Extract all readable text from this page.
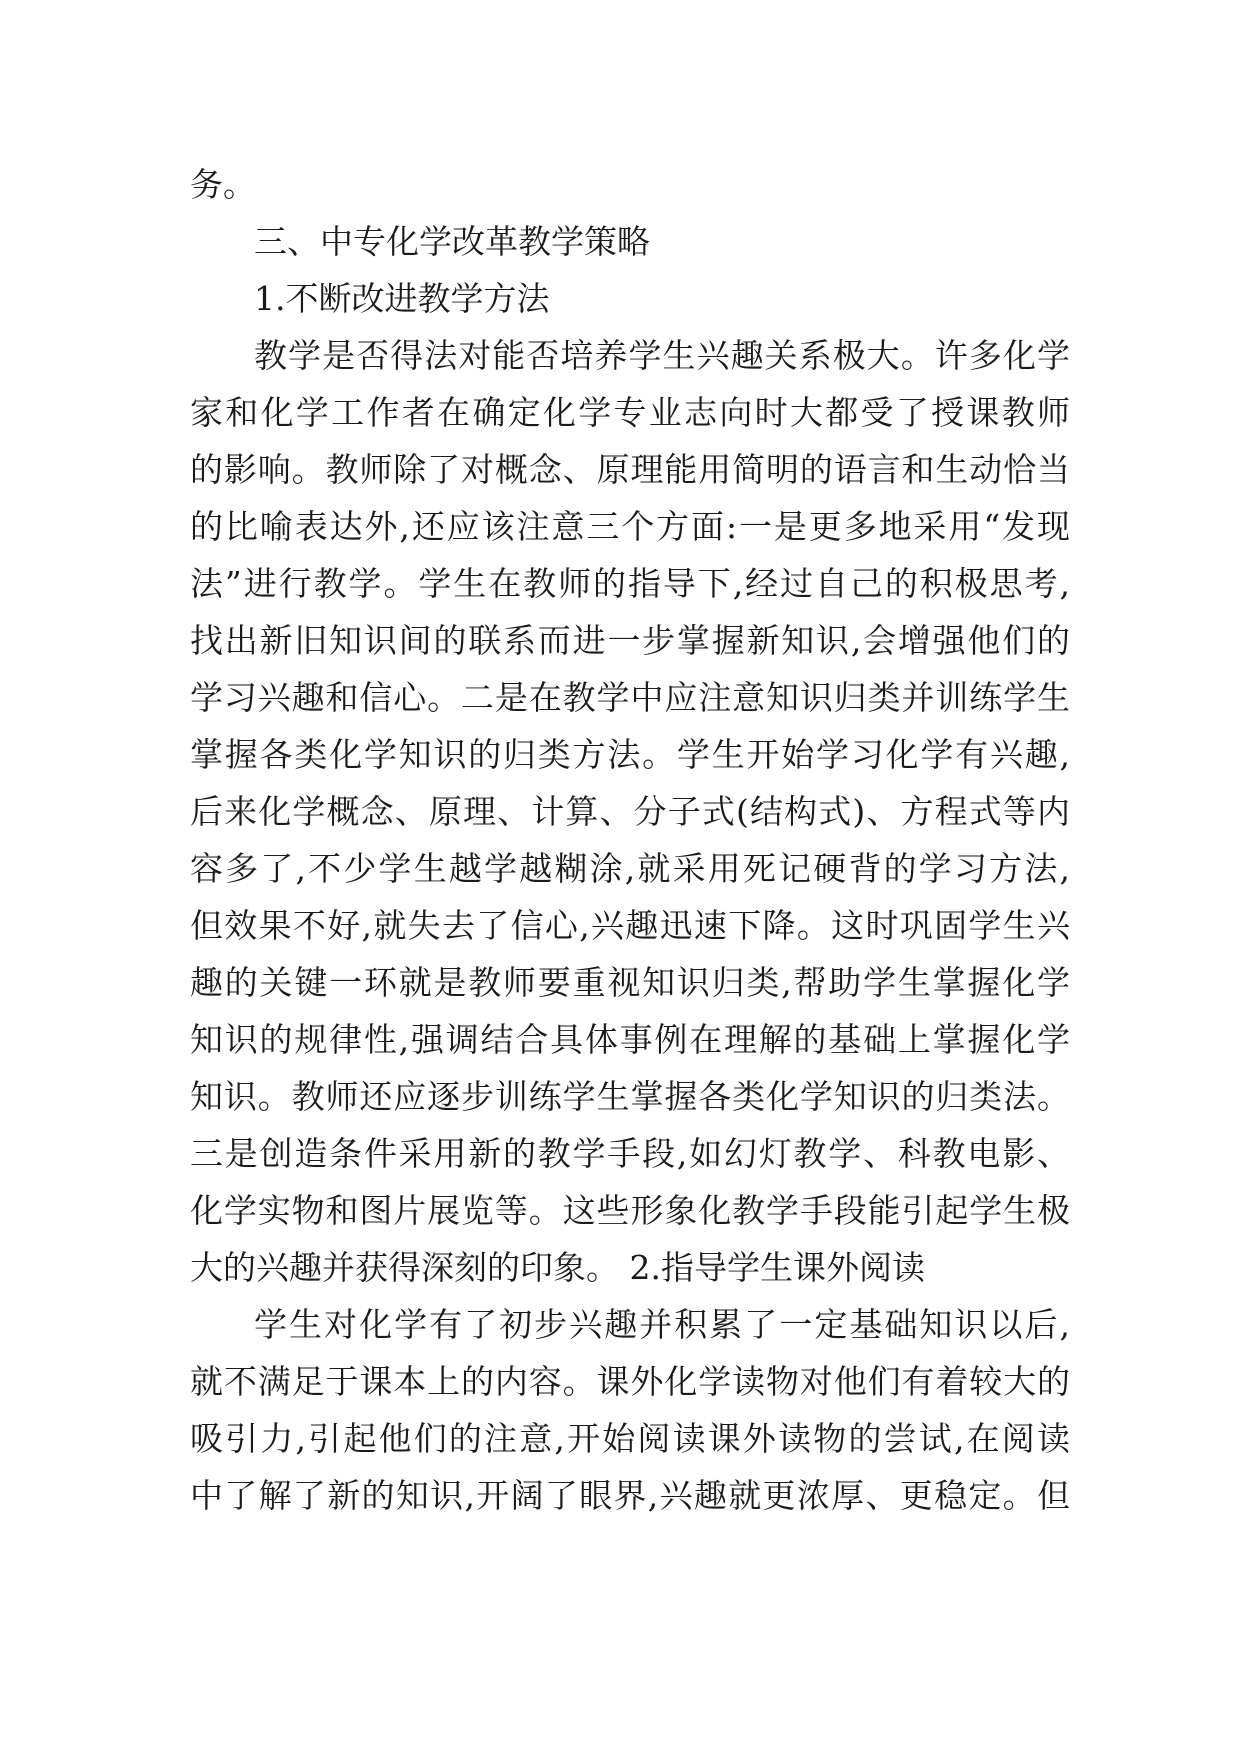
务。
三、中专化学改革教学策略
1.不断改进教学方法
教学是否得法对能否培养学生兴趣关系极大。许多化学
家和化学工作者在确定化学专业志向时大都受了授课教师
的影响。教师除了对概念、原理能用简明的语言和生动恰当
的比喻表达外,还应该注意三个方面:一是更多地采用“发现
法”进行教学。学生在教师的指导下,经过自己的积极思考,
找出新旧知识间的联系而进一步掌握新知识,会增强他们的
学习兴趣和信心。二是在教学中应注意知识归类并训练学生
掌握各类化学知识的归类方法。学生开始学习化学有兴趣,
后来化学概念、原理、计算、分子式(结构式)、方程式等内
容多了,不少学生越学越糊涂,就采用死记硬背的学习方法,
但效果不好,就失去了信心,兴趣迅速下降。这时巩固学生兴
趣的关键一环就是教师要重视知识归类,帮助学生掌握化学
知识的规律性,强调结合具体事例在理解的基础上掌握化学
知识。教师还应逐步训练学生掌握各类化学知识的归类法。
三是创造条件采用新的教学手段,如幻灯教学、科教电影、
化学实物和图片展览等。这些形象化教学手段能引起学生极
大的兴趣并获得深刻的印象。 2.指导学生课外阅读
学生对化学有了初步兴趣并积累了一定基础知识以后,
就不满足于课本上的内容。课外化学读物对他们有着较大的
吸引力,引起他们的注意,开始阅读课外读物的尝试,在阅读
中了解了新的知识,开阔了眼界,兴趣就更浓厚、更稳定。但
